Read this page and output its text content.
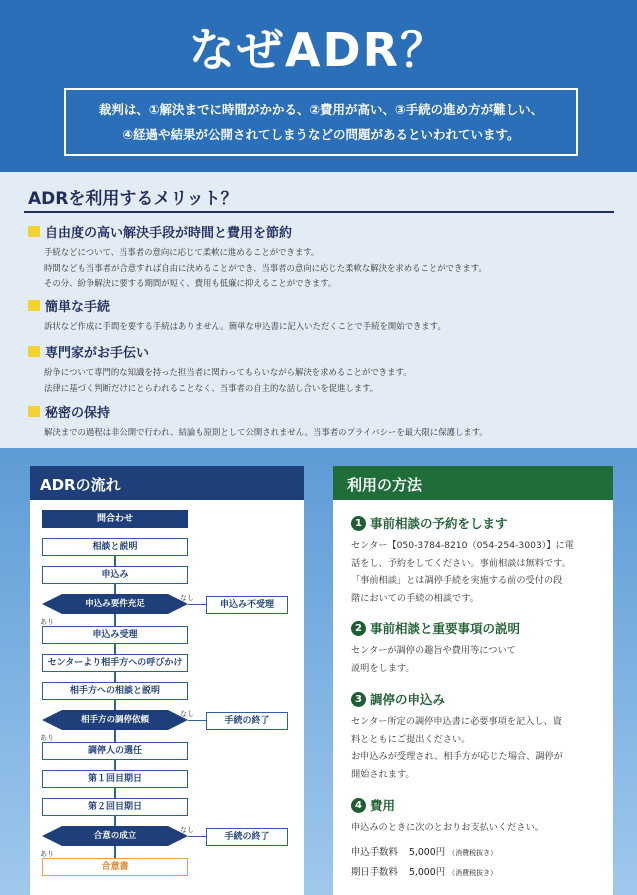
なぜADR？
裁判は、①解決までに時間がかかる、②費用が高い、③手続の進め方が難しい、
④経過や結果が公開されてしまうなどの問題があるといわれています。
ADRを利用するメリット？
自由度の高い解決手段が時間と費用を節約
手続などについて、当事者の意向に応じて柔軟に進めることができます。
時間なども当事者が合意すれば自由に決めることができ、当事者の意向に応じた柔軟な解決を求めることができます。
その分、紛争解決に要する期間が短く、費用も低廉に抑えることができます。
簡単な手続
訴状など作成に手間を要する手続はありません。簡単な申込書に記入いただくことで手続を開始できます。
専門家がお手伝い
紛争について専門的な知識を持った担当者に関わってもらいながら解決を求めることができます。
法律に基づく判断だけにとらわれることなく、当事者の自主的な話し合いを促進します。
秘密の保持
解決までの過程は非公開で行われ、結論も原則として公開されません。当事者のプライバシーを最大限に保護します。
ADRの流れ
問合わせ
相談と説明
申込み
申込み要件充足
なし
あり
申込み不受理
申込み受理
センターより相手方への呼びかけ
相手方への相談と説明
相手方の調停依頼
なし
あり
手続の終了
調停人の選任
第１回目期日
第２回目期日
合意の成立
なし
あり
手続の終了
合意書
利用の方法
1 事前相談の予約をします
センター【050-3784-8210（054-254-3003）】に電
話をし、予約をしてください。事前相談は無料です。
「事前相談」とは調停手続を実施する前の受付の段
階においての手続の相談です。
2 事前相談と重要事項の説明
センターが調停の趣旨や費用等について
説明をします。
3 調停の申込み
センター所定の調停申込書に必要事項を記入し、資
料とともにご提出ください。
お申込みが受理され、相手方が応じた場合、調停が
開始されます。
4 費用
申込みのときに次のとおりお支払いください。
申込手数料 5,000円 （消費税抜き）
期日手数料 5,000円 （消費税抜き）
